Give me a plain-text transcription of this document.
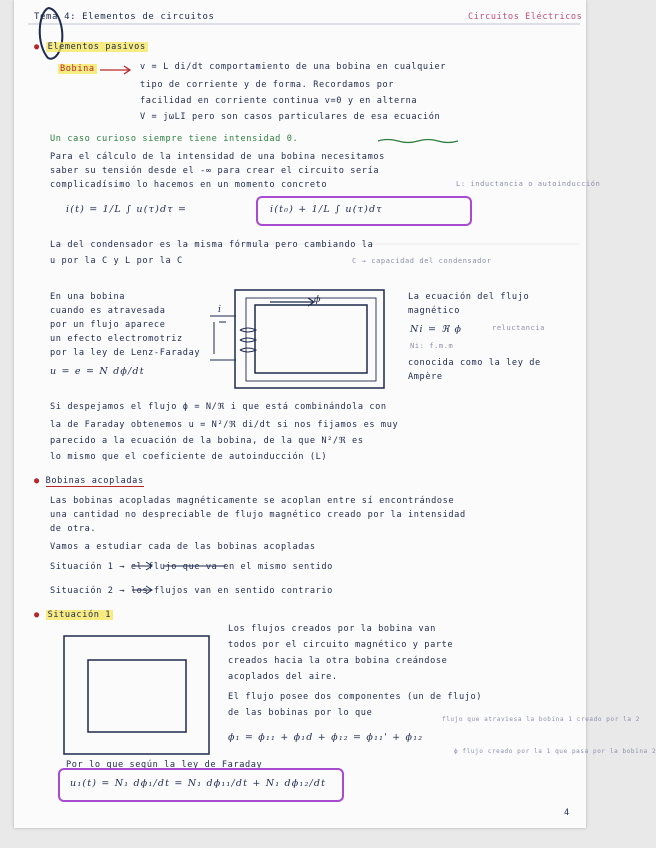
Tema 4: Elementos de circuitos	Circuitos Eléctricos
● Elementos pasivos
Bobina	v = L di/dt comportamiento de una bobina en cualquier
tipo de corriente y de forma. Recordamos por
facilidad en corriente continua v=0 y en alterna
V = jωLI pero son casos particulares de esa ecuación
Un caso curioso siempre tiene intensidad 0.
Para el cálculo de la intensidad de una bobina necesitamos
saber su tensión desde el -∞ para crear el circuito sería
complicadísimo lo hacemos en un momento concreto	L: inductancia o autoinducción
i(t) = 1/L ∫ u(τ)dτ =	i(t₀) + 1/L ∫ u(τ)dτ
La del condensador es la misma fórmula pero cambiando la
u por la C y L por la C	C → capacidad del condensador
En una bobina
cuando es atravesada
por un flujo aparece
un efecto electromotriz
por la ley de Lenz-Faraday
u = e = N dϕ/dt
ϕ
i
La ecuación del flujo
magnético
Ni = ℜ ϕ	reluctancia
Ni: f.m.m
conocida como la ley de
Ampère
Si despejamos el flujo ϕ = N/ℜ i que está combinándola con
la de Faraday obtenemos u = N²/ℜ di/dt si nos fijamos es muy
parecido a la ecuación de la bobina, de la que N²/ℜ es
lo mismo que el coeficiente de autoinducción (L)
● Bobinas acopladas
Las bobinas acopladas magnéticamente se acoplan entre sí encontrándose
una cantidad no despreciable de flujo magnético creado por la intensidad
de otra.
Vamos a estudiar cada de las bobinas acopladas
Situación 1 → el flujo que va en el mismo sentido
Situación 2 → los flujos van en sentido contrario
● Situación 1
Los flujos creados por la bobina van
todos por el circuito magnético y parte
creados hacia la otra bobina creándose
acoplados del aire.
El flujo posee dos componentes (un de flujo)
de las bobinas por lo que
flujo que atraviesa la bobina 1 creado por la 2
ϕ₁ = ϕ₁₁ + ϕ₁d + ϕ₁₂ = ϕ₁₁' + ϕ₁₂
ϕ flujo creado por la 1 que pasa por la bobina 2
Por lo que según la ley de Faraday
u₁(t) = N₁ dϕ₁/dt = N₁ dϕ₁₁/dt + N₁ dϕ₁₂/dt
4
